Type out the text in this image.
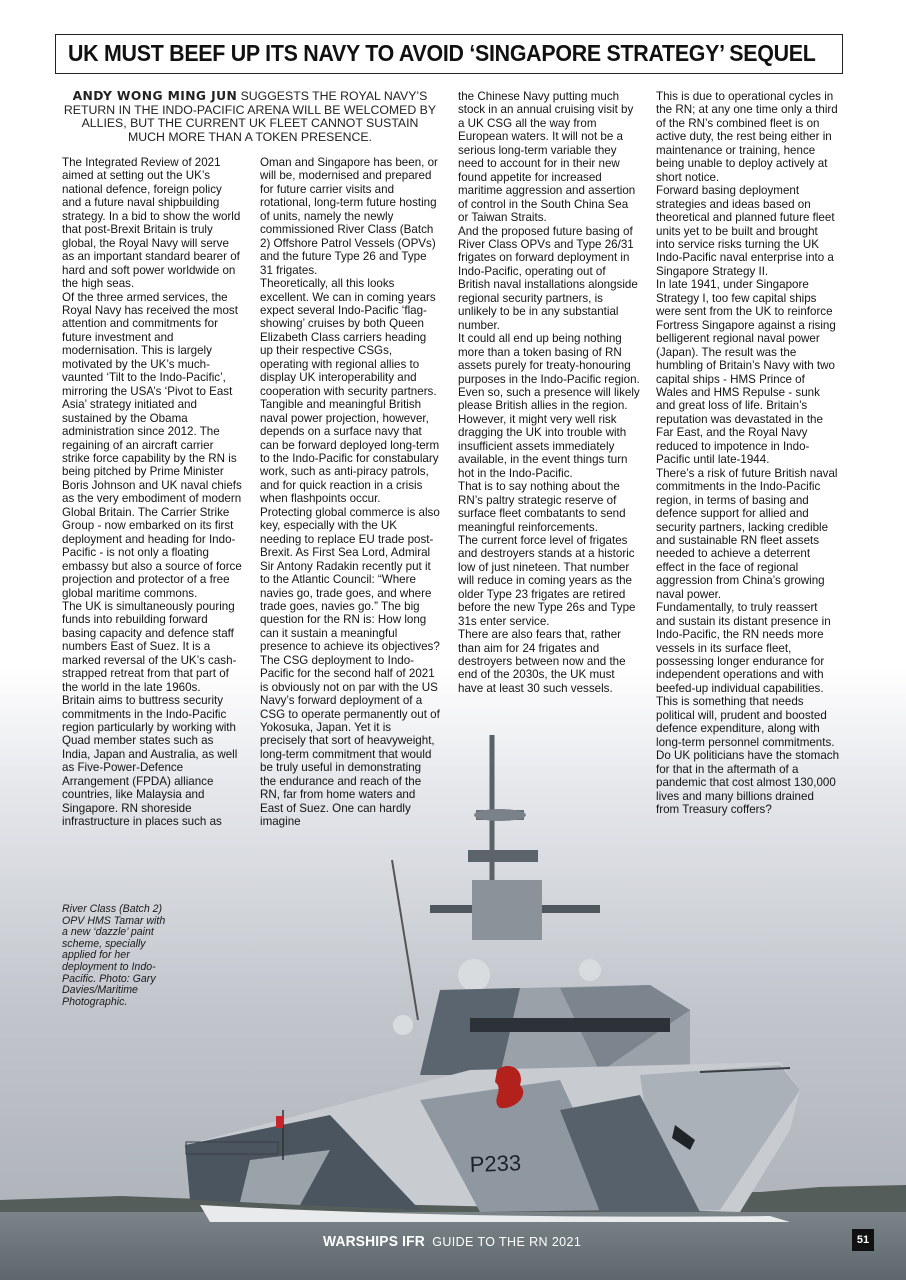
P233
UK MUST BEEF UP ITS NAVY TO AVOID ‘SINGAPORE STRATEGY’ SEQUEL
ANDY WONG MING JUN SUGGESTS THE ROYAL NAVY’S RETURN IN THE INDO-PACIFIC ARENA WILL BE WELCOMED BY ALLIES, BUT THE CURRENT UK FLEET CANNOT SUSTAIN MUCH MORE THAN A TOKEN PRESENCE.

The Integrated Review of 2021 aimed at setting out the UK’s national defence, foreign policy and a future naval shipbuilding strategy. In a bid to show the world that post-Brexit Britain is truly global, the Royal Navy will serve as an important standard bearer of hard and soft power worldwide on the high seas.

Of the three armed services, the Royal Navy has received the most attention and commitments for future investment and modernisation. This is largely motivated by the UK’s much-vaunted ‘Tilt to the Indo-Pacific’, mirroring the USA’s ‘Pivot to East Asia’ strategy initiated and sustained by the Obama administration since 2012. The regaining of an aircraft carrier strike force capability by the RN is being pitched by Prime Minister Boris Johnson and UK naval chiefs as the very embodiment of modern Global Britain. The Carrier Strike Group - now embarked on its first deployment and heading for Indo-Pacific - is not only a floating embassy but also a source of force projection and protector of a free global maritime commons.

The UK is simultaneously pouring funds into rebuilding forward basing capacity and defence staff numbers East of Suez. It is a marked reversal of the UK’s cash-strapped retreat from that part of the world in the late 1960s.

Britain aims to buttress security commitments in the Indo-Pacific region particularly by working with Quad member states such as India, Japan and Australia, as well as Five-Power-Defence Arrangement (FPDA) alliance countries, like Malaysia and Singapore. RN shoreside infrastructure in places such as

Oman and Singapore has been, or will be, modernised and prepared for future carrier visits and rotational, long-term future hosting of units, namely the newly commissioned River Class (Batch 2) Offshore Patrol Vessels (OPVs) and the future Type 26 and Type 31 frigates.

Theoretically, all this looks excellent. We can in coming years expect several Indo-Pacific ‘flag-showing’ cruises by both Queen Elizabeth Class carriers heading up their respective CSGs, operating with regional allies to display UK interoperability and cooperation with security partners.

Tangible and meaningful British naval power projection, however, depends on a surface navy that can be forward deployed long-term to the Indo-Pacific for constabulary work, such as anti-piracy patrols, and for quick reaction in a crisis when flashpoints occur.

Protecting global commerce is also key, especially with the UK needing to replace EU trade post-Brexit. As First Sea Lord, Admiral Sir Antony Radakin recently put it to the Atlantic Council: “Where navies go, trade goes, and where trade goes, navies go.” The big question for the RN is: How long can it sustain a meaningful presence to achieve its objectives? The CSG deployment to Indo-Pacific for the second half of 2021 is obviously not on par with the US Navy’s forward deployment of a CSG to operate permanently out of Yokosuka, Japan. Yet it is precisely that sort of heavyweight, long-term commitment that would be truly useful in demonstrating the endurance and reach of the RN, far from home waters and East of Suez. One can hardly imagine

the Chinese Navy putting much stock in an annual cruising visit by a UK CSG all the way from European waters. It will not be a serious long-term variable they need to account for in their new found appetite for increased maritime aggression and assertion of control in the South China Sea or Taiwan Straits.

And the proposed future basing of River Class OPVs and Type 26/31 frigates on forward deployment in Indo-Pacific, operating out of British naval installations alongside regional security partners, is unlikely to be in any substantial number.

It could all end up being nothing more than a token basing of RN assets purely for treaty-honouring purposes in the Indo-Pacific region. Even so, such a presence will likely please British allies in the region. However, it might very well risk dragging the UK into trouble with insufficient assets immediately available, in the event things turn hot in the Indo-Pacific.

That is to say nothing about the RN’s paltry strategic reserve of surface fleet combatants to send meaningful reinforcements.

The current force level of frigates and destroyers stands at a historic low of just nineteen. That number will reduce in coming years as the older Type 23 frigates are retired before the new Type 26s and Type 31s enter service.

There are also fears that, rather than aim for 24 frigates and destroyers between now and the end of the 2030s, the UK must have at least 30 such vessels.

This is due to operational cycles in the RN; at any one time only a third of the RN’s combined fleet is on active duty, the rest being either in maintenance or training, hence being unable to deploy actively at short notice.

Forward basing deployment strategies and ideas based on theoretical and planned future fleet units yet to be built and brought into service risks turning the UK Indo-Pacific naval enterprise into a Singapore Strategy II.

In late 1941, under Singapore Strategy I, too few capital ships were sent from the UK to reinforce Fortress Singapore against a rising belligerent regional naval power (Japan). The result was the humbling of Britain’s Navy with two capital ships - HMS Prince of Wales and HMS Repulse - sunk and great loss of life. Britain’s reputation was devastated in the Far East, and the Royal Navy reduced to impotence in Indo-Pacific until late-1944.

There’s a risk of future British naval commitments in the Indo-Pacific region, in terms of basing and defence support for allied and security partners, lacking credible and sustainable RN fleet assets needed to achieve a deterrent effect in the face of regional aggression from China’s growing naval power.

Fundamentally, to truly reassert and sustain its distant presence in Indo-Pacific, the RN needs more vessels in its surface fleet, possessing longer endurance for independent operations and with beefed-up individual capabilities. This is something that needs political will, prudent and boosted defence expenditure, along with long-term personnel commitments. Do UK politicians have the stomach for that in the aftermath of a pandemic that cost almost 130,000 lives and many billions drained from Treasury coffers?

River Class (Batch 2) OPV HMS Tamar with a new ‘dazzle’ paint scheme, specially applied for her deployment to Indo-Pacific. Photo: Gary Davies/Maritime Photographic.
WARSHIPS IFR GUIDE TO THE RN 2021	51
